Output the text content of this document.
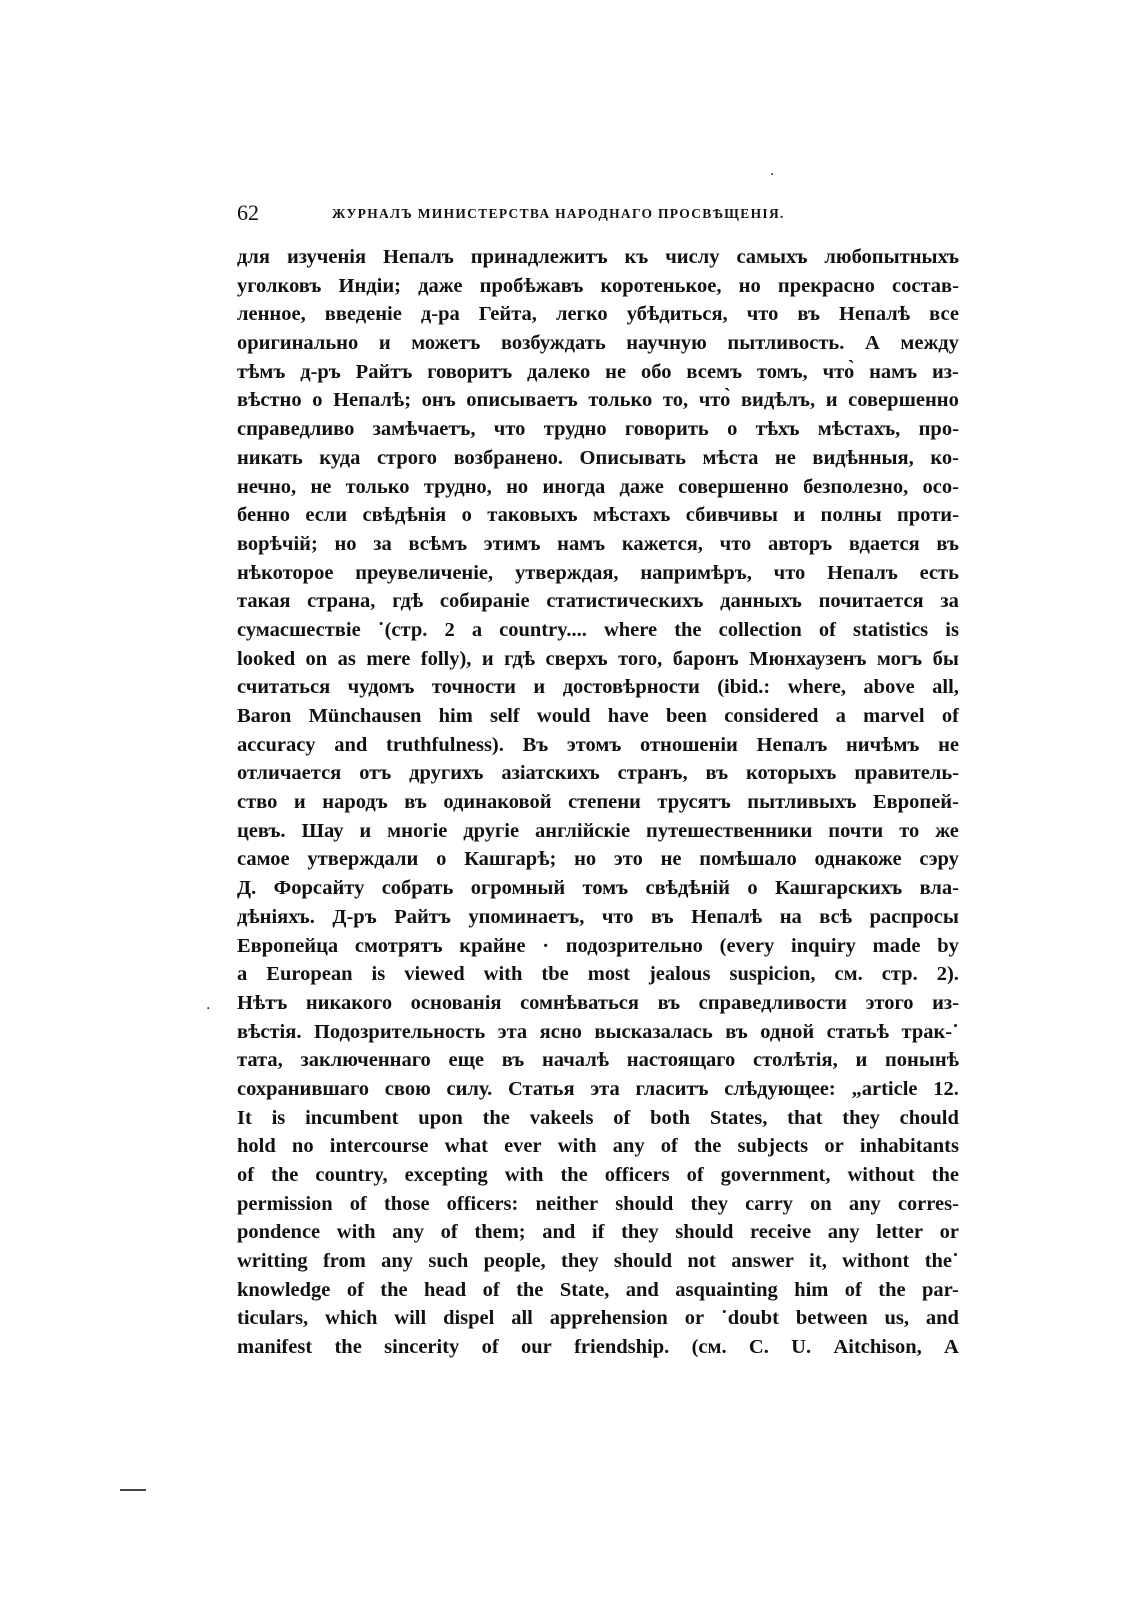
·
·
62	ЖУРНАЛЪ МИНИСТЕРСТВА НАРОДНАГО ПРОСВѢЩЕНІЯ.
для изученія Непалъ принадлежитъ къ числу самыхъ любопытныхъ
уголковъ Индіи; даже пробѣжавъ коротенькое, но прекрасно состав-
ленное, введеніе д-ра Гейта, легко убѣдиться, что въ Непалѣ все
оригинально и можетъ возбуждать научную пытливость. А между
тѣмъ д-ръ Райтъ говоритъ далеко не обо всемъ томъ, что̀ намъ из-
вѣстно о Непалѣ; онъ описываетъ только то, что̀ видѣлъ, и совершенно
справедливо замѣчаетъ, что трудно говорить о тѣхъ мѣстахъ, про-
никать куда строго возбранено. Описывать мѣста не видѣнныя, ко-
нечно, не только трудно, но иногда даже совершенно безполезно, осо-
бенно если свѣдѣнія о таковыхъ мѣстахъ сбивчивы и полны проти-
ворѣчій; но за всѣмъ этимъ намъ кажется, что авторъ вдается въ
нѣкоторое преувеличеніе, утверждая, напримѣръ, что Непалъ есть
такая страна, гдѣ собираніе статистическихъ данныхъ почитается за
сумасшествіе ˙(стр. 2 a country.... where the collection of statistics is
looked on as mere folly), и гдѣ сверхъ того, баронъ Мюнхаузенъ могъ бы
считаться чудомъ точности и достовѣрности (ibid.: where, above all,
Baron Münchausen him self would have been considered a marvel of
accuracy and truthfulness). Въ этомъ отношеніи Непалъ ничѣмъ не
отличается отъ другихъ азіатскихъ странъ, въ которыхъ правитель-
ство и народъ въ одинаковой степени трусятъ пытливыхъ Европей-
цевъ. Шау и многіе другіе англійскіе путешественники почти то же
самое утверждали о Кашгарѣ; но это не помѣшало однакоже сэру
Д. Форсайту собрать огромный томъ свѣдѣній о Кашгарскихъ вла-
дѣніяхъ. Д-ръ Райтъ упоминаетъ, что въ Непалѣ на всѣ распросы
Европейца смотрятъ крайне · подозрительно (every inquiry made by
a European is viewed with tbe most jealous suspicion, см. стр. 2).
Нѣтъ никакого основанія сомнѣваться въ справедливости этого из-
вѣстія. Подозрительность эта ясно высказалась въ одной статьѣ трак-˙
тата, заключеннаго еще въ началѣ настоящаго столѣтія, и понынѣ
сохранившаго свою силу. Статья эта гласитъ слѣдующее: „article 12.
It is incumbent upon the vakeels of both States, that they chould
hold no intercourse what ever with any of the subjects or inhabitants
of the country, excepting with the officers of government, without the
permission of those officers: neither should they carry on any corres-
pondence with any of them; and if they should receive any letter or
writting from any such people, they should not answer it, withont the˙
knowledge of the head of the State, and asquainting him of the par-
ticulars, which will dispel all apprehension or ˙doubt between us, and
manifest the sincerity of our friendship. (см. C. U. Aitchison, A
